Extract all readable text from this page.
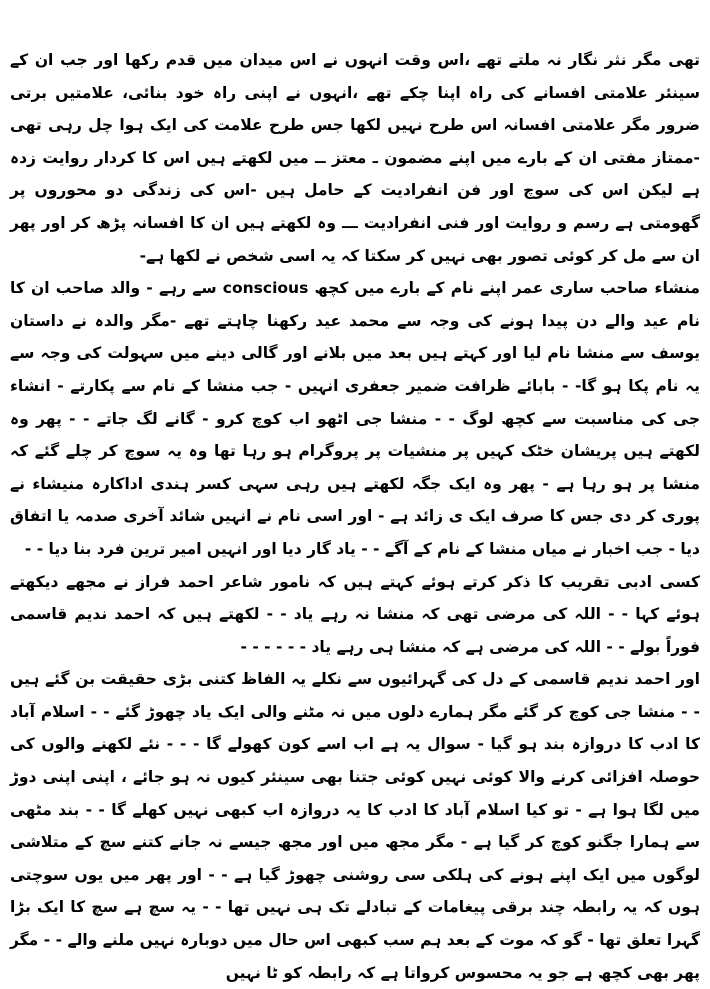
تھی مگر نثر نگار نہ ملتے تھے ،اس وقت انہوں نے اس میدان میں قدم رکھا اور جب ان کے سینئر علامتی افسانے کی راہ اپنا چکے تھے ،انہوں نے اپنی راہ خود بنائی، علامتیں برتی ضرور مگر علامتی افسانہ اس طرح نہیں لکھا جس طرح علامت کی ایک ہوا چل رہی تھی -ممتاز مفتی ان کے بارے میں اپنے مضمون ـ معتز ــ میں لکھتے ہیں اس کا کردار روایت زدہ ہے لیکن اس کی سوچ اور فن انفرادیت کے حامل ہیں -اس کی زندگی دو محوروں پر گھومتی ہے رسم و روایت اور فنی انفرادیت ـــ وہ لکھتے ہیں ان کا افسانہ پڑھ کر اور پھر ان سے مل کر کوئی تصور بھی نہیں کر سکتا کہ یہ اسی شخص نے لکھا ہے-

منشاء صاحب ساری عمر اپنے نام کے بارے میں کچھ conscious سے رہے - والد صاحب ان کا نام عید والے دن پیدا ہونے کی وجہ سے محمد عید رکھنا چاہتے تھے -مگر والدہ نے داستان یوسف سے منشا نام لیا اور کہتے ہیں بعد میں بلانے اور گالی دینے میں سہولت کی وجہ سے یہ نام پکا ہو گا- - بابائے ظرافت ضمیر جعفری انہیں - جب منشا کے نام سے پکارتے - انشاء جی کی مناسبت سے کچھ لوگ - - منشا جی اٹھو اب کوچ کرو - گانے لگ جاتے - - پھر وہ لکھتے ہیں پریشان خٹک کہیں پر منشیات پر پروگرام ہو رہا تھا وہ یہ سوچ کر چلے گئے کہ منشا پر ہو رہا ہے - پھر وہ ایک جگہ لکھتے ہیں رہی سہی کسر ہندی اداکارہ منیشاء نے پوری کر دی جس کا صرف ایک ی زائد ہے - اور اسی نام نے انہیں شائد آخری صدمہ یا اتفاق دیا - جب اخبار نے میاں منشا کے نام کے آگے - - یاد گار دیا اور انہیں امیر ترین فرد بنا دیا - -

کسی ادبی تقریب کا ذکر کرتے ہوئے کہتے ہیں کہ نامور شاعر احمد فراز نے مجھے دیکھتے ہوئے کہا - - اللہ کی مرضی تھی کہ منشا نہ رہے یاد - - لکھتے ہیں کہ احمد ندیم قاسمی فوراً بولے - - اللہ کی مرضی ہے کہ منشا ہی رہے یاد - - - - - -

اور احمد ندیم قاسمی کے دل کی گہرائیوں سے نکلے یہ الفاظ کتنی بڑی حقیقت بن گئے ہیں - - منشا جی کوچ کر گئے مگر ہمارے دلوں میں نہ مٹنے والی ایک یاد چھوڑ گئے - - اسلام آباد کا ادب کا دروازہ بند ہو گیا - سوال یہ ہے اب اسے کون کھولے گا - - - نئے لکھنے والوں کی حوصلہ افزائی کرنے والا کوئی نہیں کوئی جتنا بھی سینئر کیوں نہ ہو جائے ، اپنی اپنی دوڑ میں لگا ہوا ہے - تو کیا اسلام آباد کا ادب کا یہ دروازہ اب کبھی نہیں کھلے گا - - بند مٹھی سے ہمارا جگنو کوچ کر گیا ہے - مگر مجھ میں اور مجھ جیسے نہ جانے کتنے سچ کے متلاشی لوگوں میں ایک اپنے ہونے کی ہلکی سی روشنی چھوڑ گیا ہے - - اور پھر میں یوں سوچتی ہوں کہ یہ رابطہ چند برقی پیغامات کے تبادلے تک ہی نہیں تھا - - یہ سچ ہے سچ کا ایک بڑا گہرا تعلق تھا - گو کہ موت کے بعد ہم سب کبھی اس حال میں دوبارہ نہیں ملنے والے - - مگر پھر بھی کچھ ہے جو یہ محسوس کرواتا ہے کہ رابطہ کو ٹا نہیں
